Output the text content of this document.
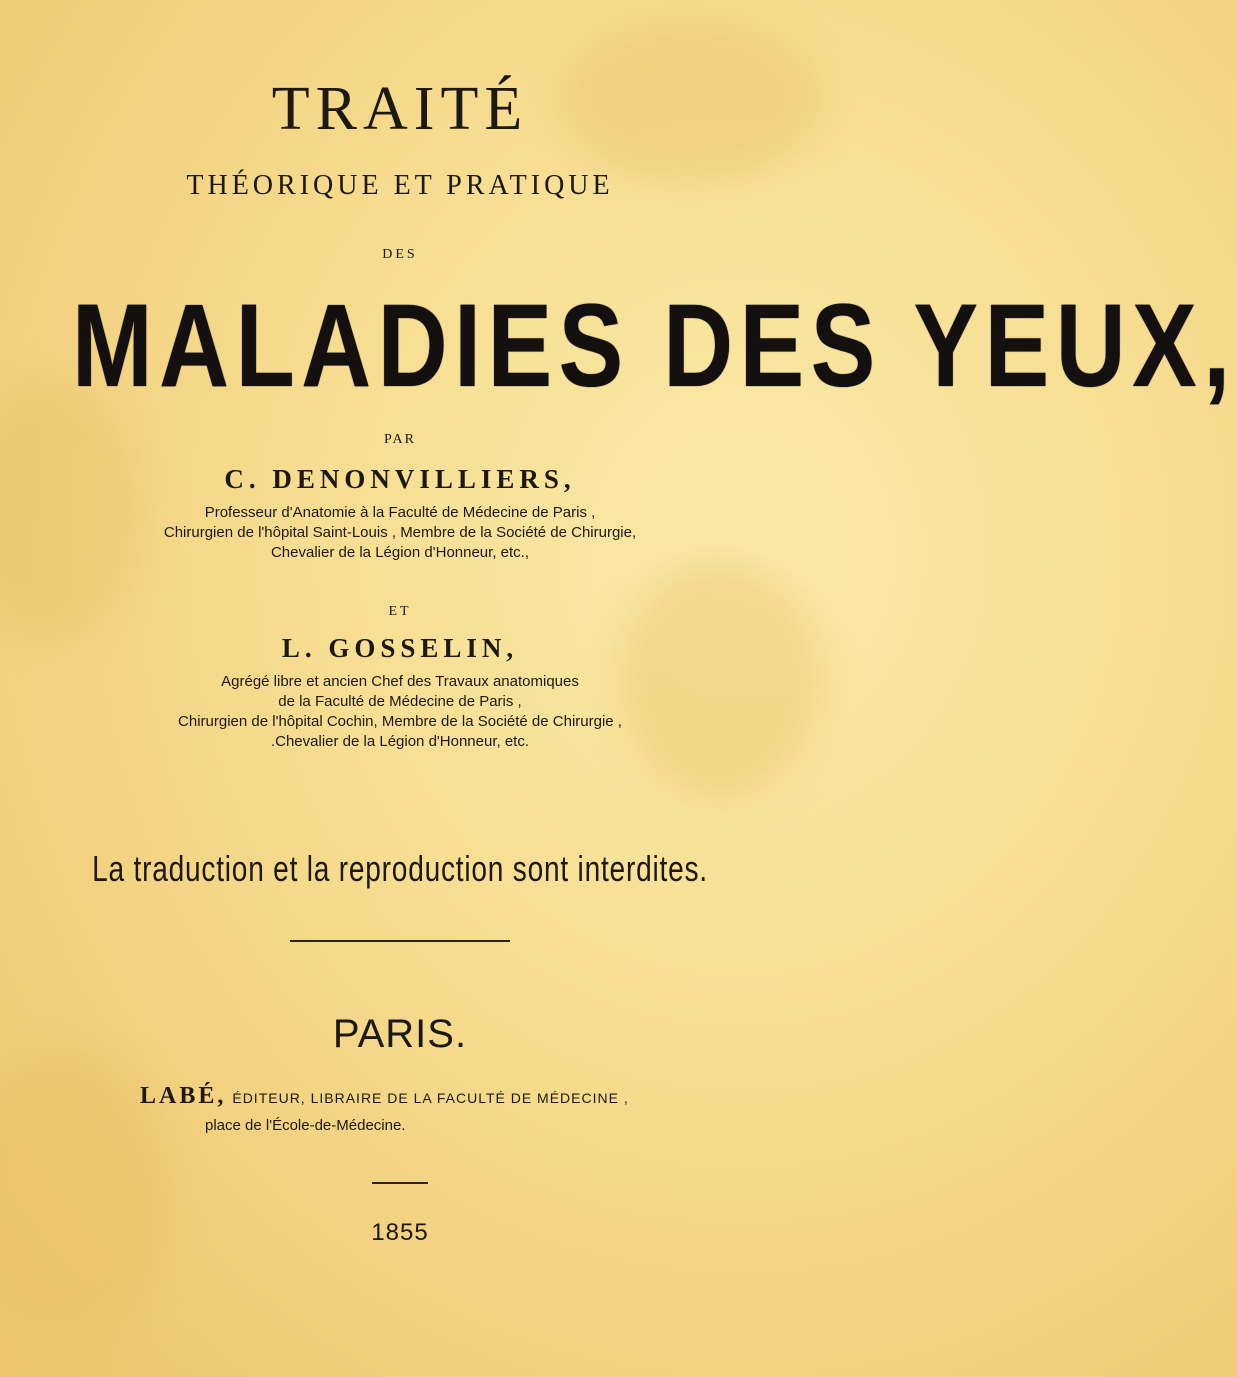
TRAITÉ
THÉORIQUE ET PRATIQUE
DES
MALADIES DES YEUX,
PAR
C. DENONVILLIERS,
Professeur d'Anatomie à la Faculté de Médecine de Paris ,
Chirurgien de l'hôpital Saint-Louis , Membre de la Société de Chirurgie,
Chevalier de la Légion d'Honneur, etc.,
ET
L. GOSSELIN,
Agrégé libre et ancien Chef des Travaux anatomiques
de la Faculté de Médecine de Paris ,
Chirurgien de l'hôpital Cochin, Membre de la Société de Chirurgie ,
.Chevalier de la Légion d'Honneur, etc.
La traduction et la reproduction sont interdites.
PARIS.
LABÉ, ÉDITEUR, LIBRAIRE DE LA FACULTÉ DE MÉDECINE ,
place de l'École-de-Médecine.
1855
